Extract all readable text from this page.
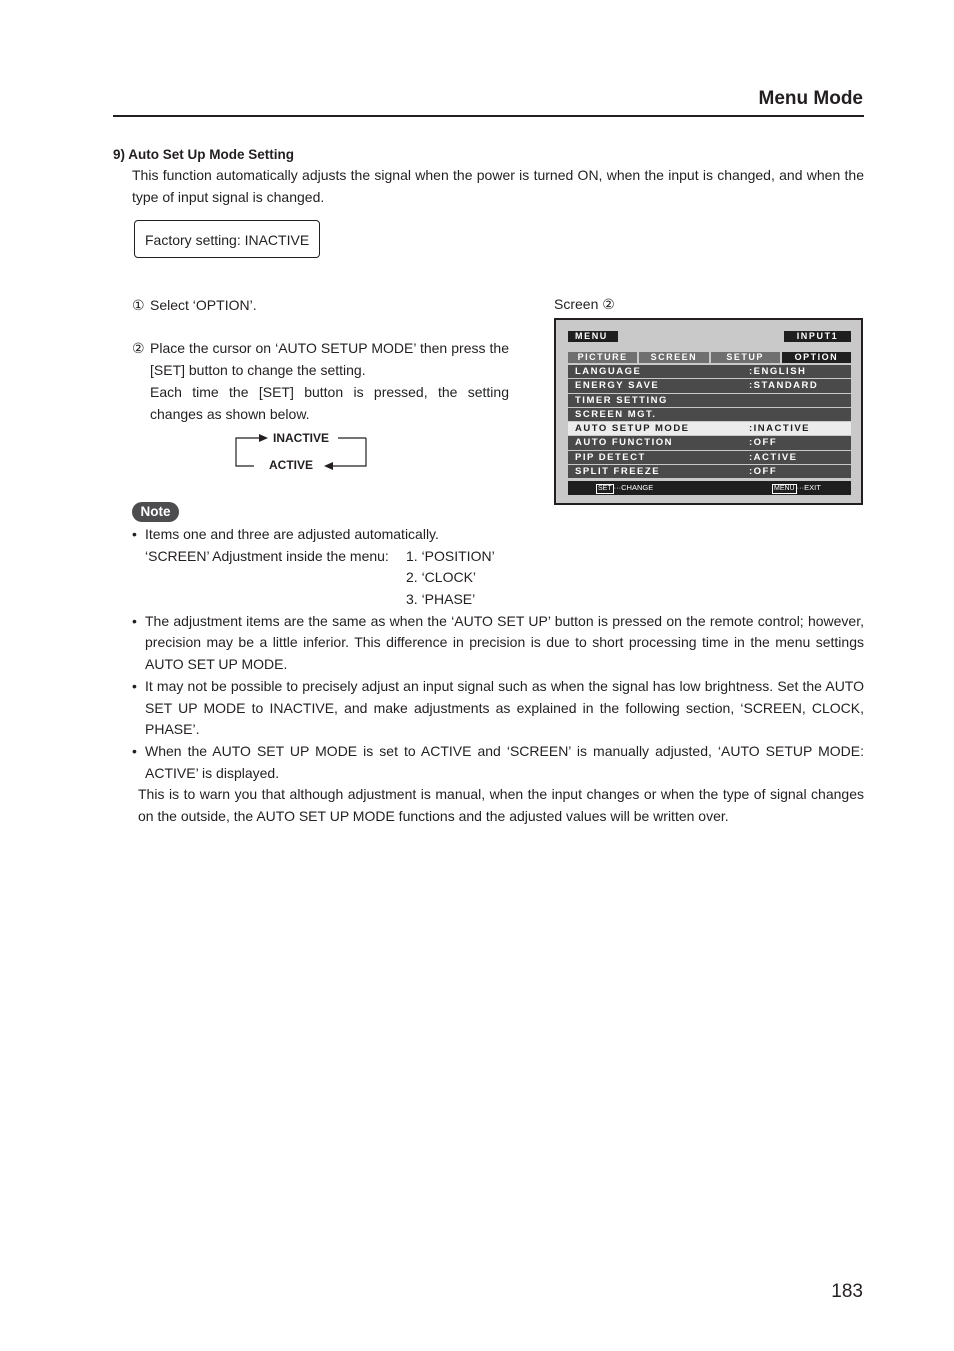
Menu Mode
9) Auto Set Up Mode Setting
This function automatically adjusts the signal when the power is turned ON, when the input is changed, and when the type of input signal is changed.
Factory setting: INACTIVE
① Select ‘OPTION’.
② Place the cursor on ‘AUTO SETUP MODE’ then press the [SET] button to change the setting.
Each time the [SET] button is pressed, the setting changes as shown below.
INACTIVE
ACTIVE
Screen ②
MENU	INPUT1
PICTURE	SCREEN	SETUP	OPTION
LANGUAGE	:ENGLISH
ENERGY SAVE	:STANDARD
TIMER SETTING
SCREEN MGT.
AUTO SETUP MODE	:INACTIVE
AUTO FUNCTION	:OFF
PIP DETECT	:ACTIVE
SPLIT FREEZE	:OFF
SET ···CHANGE	MENU ···EXIT
Note
• Items one and three are adjusted automatically.
‘SCREEN’ Adjustment inside the menu: 1. ‘POSITION’
2. ‘CLOCK’
3. ‘PHASE’
• The adjustment items are the same as when the ‘AUTO SET UP’ button is pressed on the remote control; however, precision may be a little inferior. This difference in precision is due to short processing time in the menu settings AUTO SET UP MODE.
• It may not be possible to precisely adjust an input signal such as when the signal has low brightness. Set the AUTO SET UP MODE to INACTIVE, and make adjustments as explained in the following section, ‘SCREEN, CLOCK, PHASE’.
• When the AUTO SET UP MODE is set to ACTIVE and ‘SCREEN’ is manually adjusted, ‘AUTO SETUP MODE: ACTIVE’ is displayed.
This is to warn you that although adjustment is manual, when the input changes or when the type of signal changes on the outside, the AUTO SET UP MODE functions and the adjusted values will be written over.
183
